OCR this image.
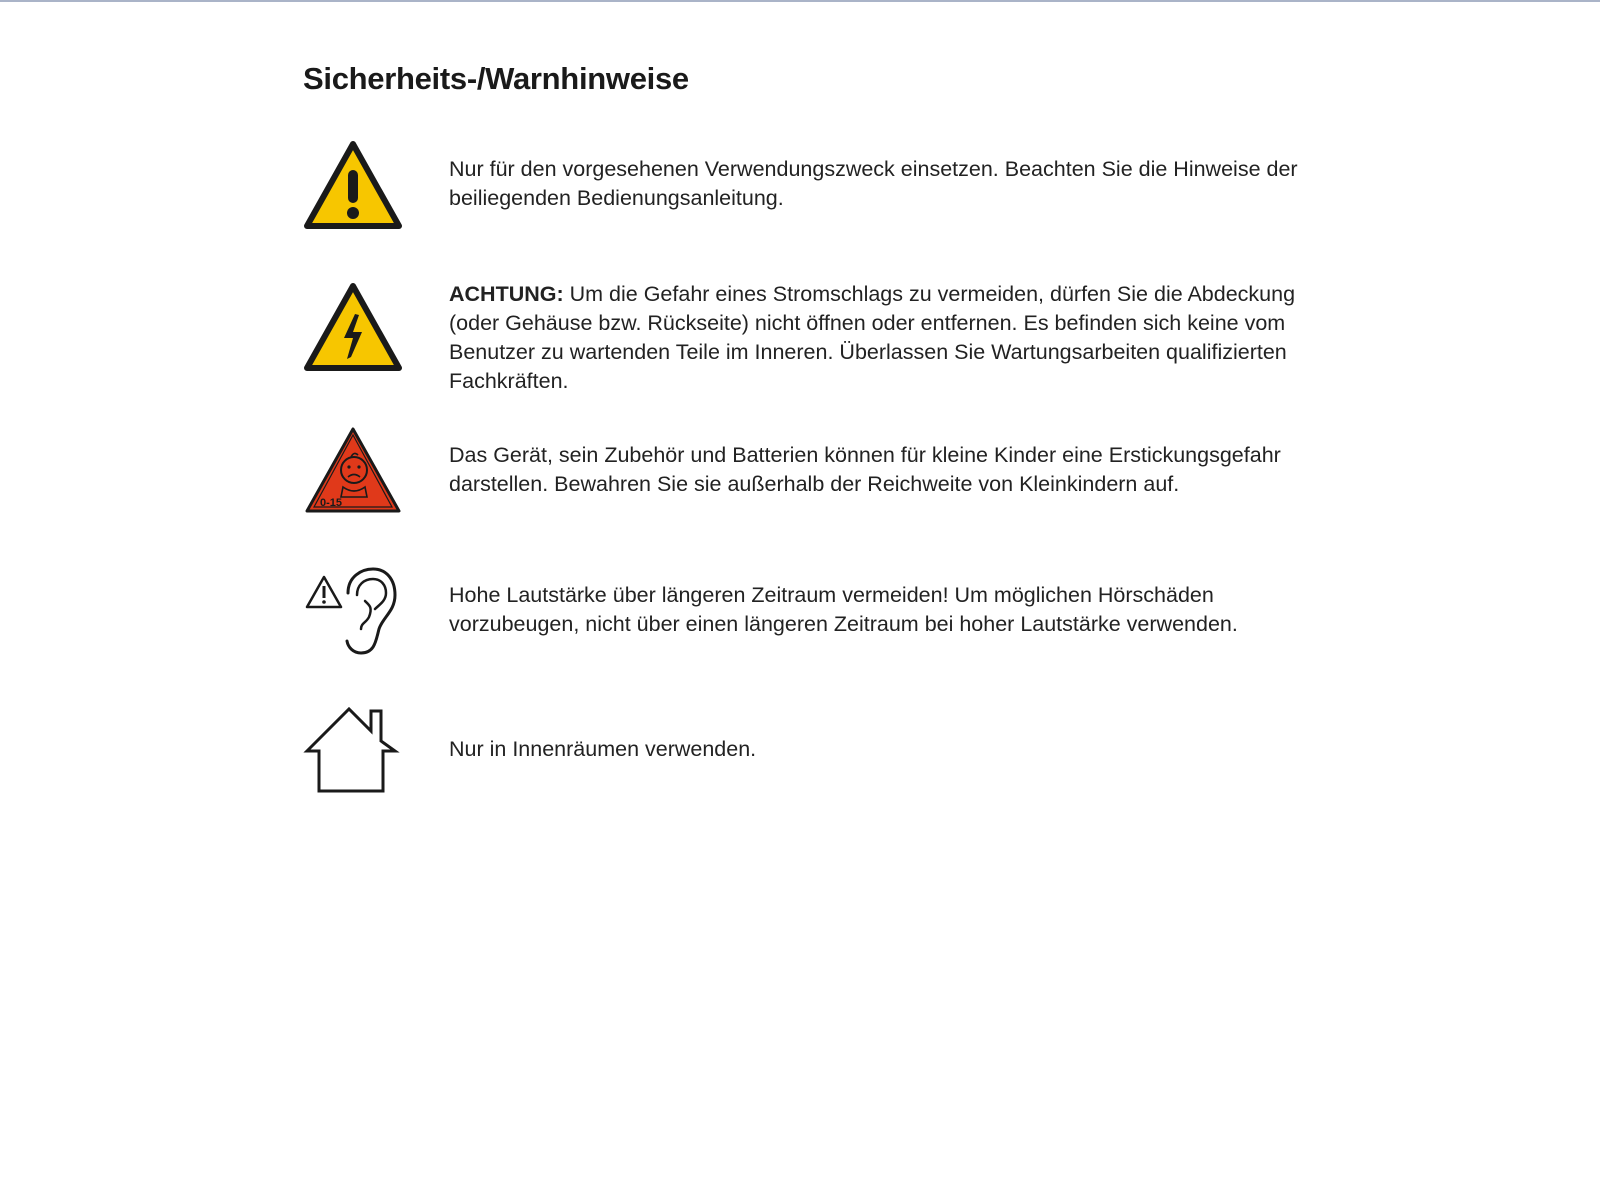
Sicherheits-/Warnhinweise
Nur für den vorgesehenen Verwendungszweck einsetzen. Beachten Sie die Hinweise der beiliegenden Bedienungsanleitung.
ACHTUNG: Um die Gefahr eines Stromschlags zu vermeiden, dürfen Sie die Abdeckung (oder Gehäuse bzw. Rückseite) nicht öffnen oder entfernen. Es befinden sich keine vom Benutzer zu wartenden Teile im Inneren. Überlassen Sie Wartungsarbeiten qualifizierten Fachkräften.
0-15
Das Gerät, sein Zubehör und Batterien können für kleine Kinder eine Erstickungsgefahr darstellen. Bewahren Sie sie außerhalb der Reichweite von Kleinkindern auf.
Hohe Lautstärke über längeren Zeitraum vermeiden! Um möglichen Hörschäden vorzubeugen, nicht über einen längeren Zeitraum bei hoher Lautstärke verwenden.
Nur in Innenräumen verwenden.
